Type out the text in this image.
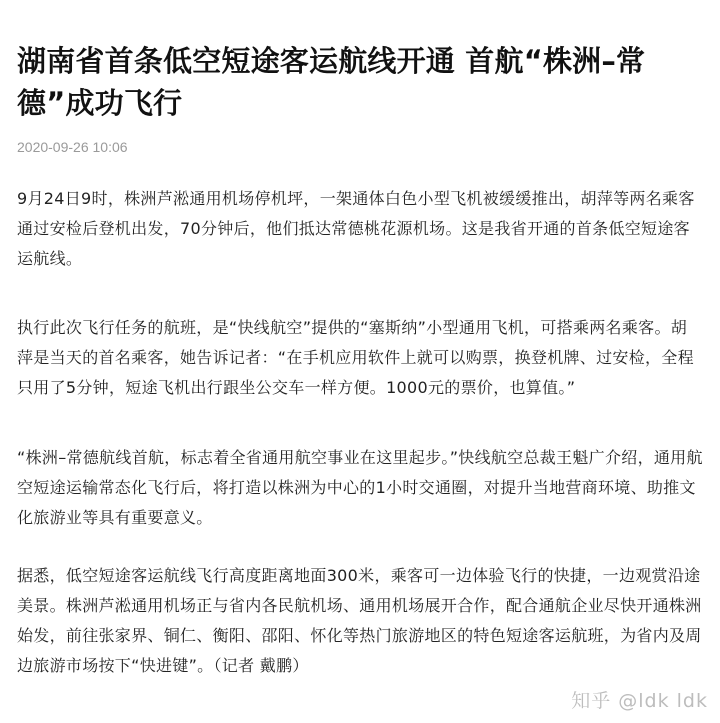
湖南省首条低空短途客运航线开通 首航“株洲–常德”成功飞行
2020-09-26 10:06

9月24日9时，株洲芦淞通用机场停机坪，一架通体白色小型飞机被缓缓推出，胡萍等两名乘客通过安检后登机出发，70分钟后，他们抵达常德桃花源机场。这是我省开通的首条低空短途客运航线。

执行此次飞行任务的航班，是“快线航空”提供的“塞斯纳”小型通用飞机，可搭乘两名乘客。胡萍是当天的首名乘客，她告诉记者：“在手机应用软件上就可以购票，换登机牌、过安检，全程只用了5分钟，短途飞机出行跟坐公交车一样方便。1000元的票价，也算值。”

“株洲–常德航线首航，标志着全省通用航空事业在这里起步。”快线航空总裁王魁广介绍，通用航空短途运输常态化飞行后，将打造以株洲为中心的1小时交通圈，对提升当地营商环境、助推文化旅游业等具有重要意义。

据悉，低空短途客运航线飞行高度距离地面300米，乘客可一边体验飞行的快捷，一边观赏沿途美景。株洲芦淞通用机场正与省内各民航机场、通用机场展开合作，配合通航企业尽快开通株洲始发，前往张家界、铜仁、衡阳、邵阳、怀化等热门旅游地区的特色短途客运航班，为省内及周边旅游市场按下“快进键”。（记者 戴鹏）

知乎 @ldk ldk
